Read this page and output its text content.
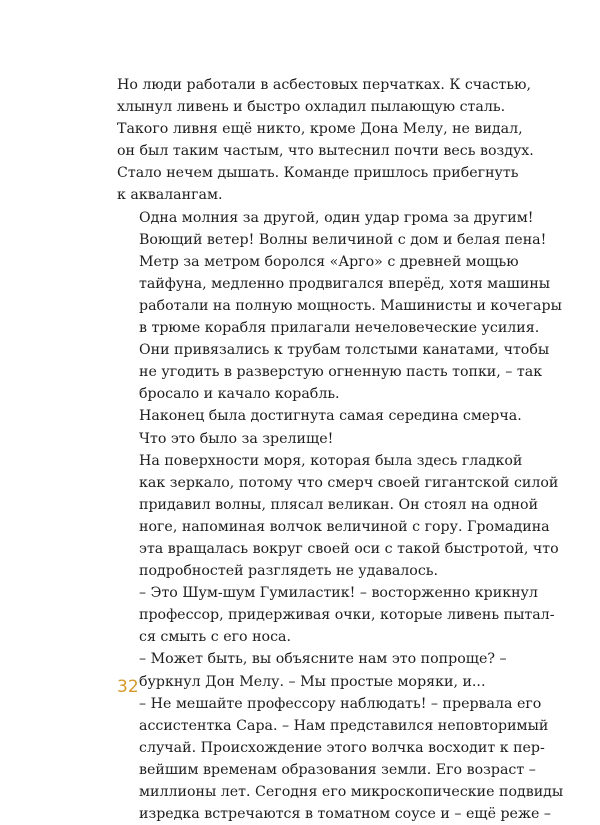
Но люди работали в асбестовых перчатках. К счастью,
хлынул ливень и быстро охладил пылающую сталь.
Такого ливня ещё никто, кроме Дона Мелу, не видал,
он был таким частым, что вытеснил почти весь воздух.
Стало нечем дышать. Команде пришлось прибегнуть
к аквалангам.

Одна молния за другой, один удар грома за другим!
Воющий ветер! Волны величиной с дом и белая пена!

Метр за метром боролся «Арго» с древней мощью
тайфуна, медленно продвигался вперёд, хотя машины
работали на полную мощность. Машинисты и кочегары
в трюме корабля прилагали нечеловеческие усилия.
Они привязались к трубам толстыми канатами, чтобы
не угодить в разверстую огненную пасть топки, – так
бросало и качало корабль.

Наконец была достигнута самая середина смерча.
Что это было за зрелище!

На поверхности моря, которая была здесь гладкой
как зеркало, потому что смерч своей гигантской силой
придавил волны, плясал великан. Он стоял на одной
ноге, напоминая волчок величиной с гору. Громадина
эта вращалась вокруг своей оси с такой быстротой, что
подробностей разглядеть не удавалось.

– Это Шум-шум Гумиластик! – восторженно крикнул
профессор, придерживая очки, которые ливень пытал-
ся смыть с его носа.

– Может быть, вы объясните нам это попроще? –
буркнул Дон Мелу. – Мы простые моряки, и...

– Не мешайте профессору наблюдать! – прервала его
ассистентка Сара. – Нам представился неповторимый
случай. Происхождение этого волчка восходит к пер-
вейшим временам образования земли. Его возраст –
миллионы лет. Сегодня его микроскопические подвиды
изредка встречаются в томатном соусе и – ещё реже –

32
